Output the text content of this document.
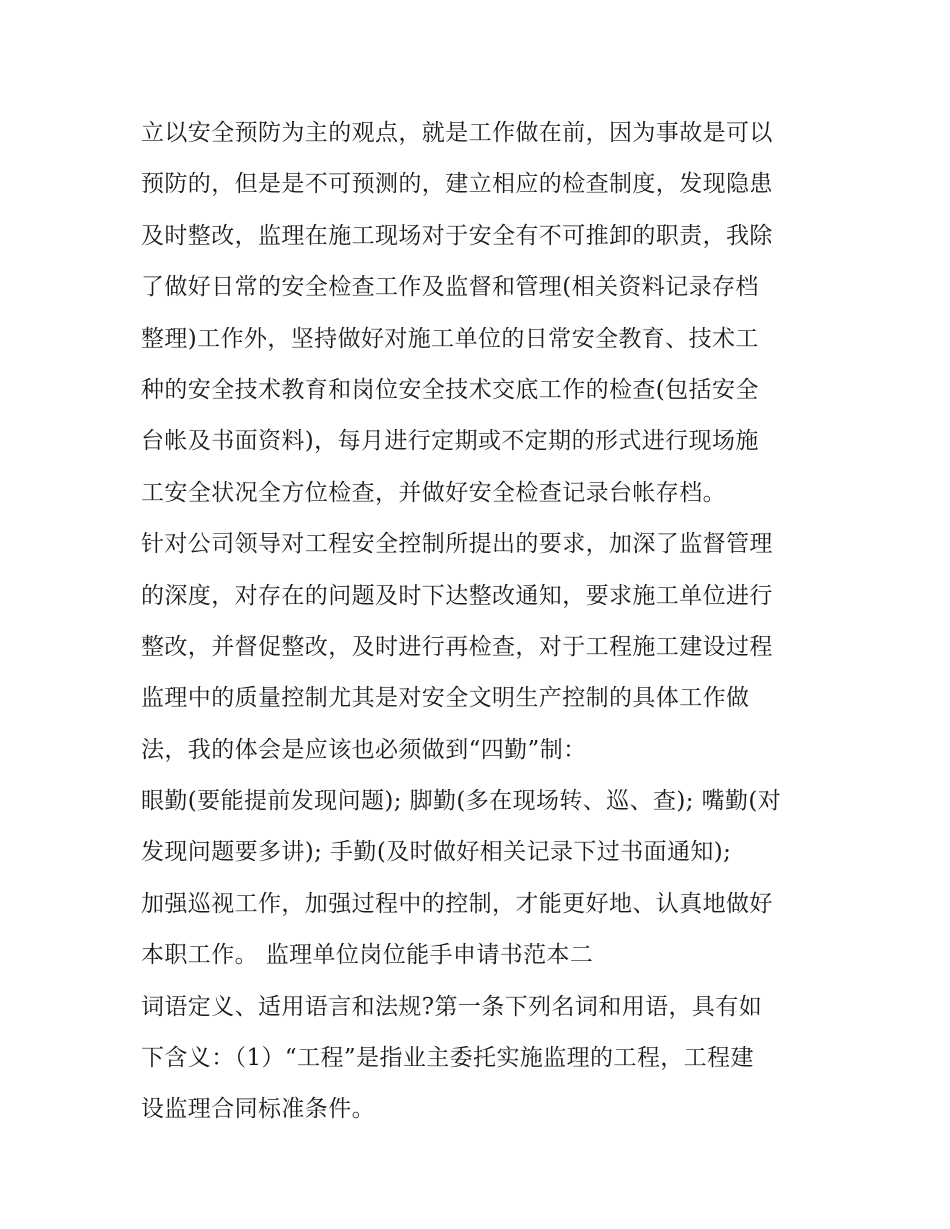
立以安全预防为主的观点，就是工作做在前，因为事故是可以
预防的，但是是不可预测的，建立相应的检查制度，发现隐患
及时整改，监理在施工现场对于安全有不可推卸的职责，我除
了做好日常的安全检查工作及监督和管理(相关资料记录存档
整理)工作外，坚持做好对施工单位的日常安全教育、技术工
种的安全技术教育和岗位安全技术交底工作的检查(包括安全
台帐及书面资料)，每月进行定期或不定期的形式进行现场施
工安全状况全方位检查，并做好安全检查记录台帐存档。
针对公司领导对工程安全控制所提出的要求，加深了监督管理
的深度，对存在的问题及时下达整改通知，要求施工单位进行
整改，并督促整改，及时进行再检查，对于工程施工建设过程
监理中的质量控制尤其是对安全文明生产控制的具体工作做
法，我的体会是应该也必须做到“四勤”制：
眼勤(要能提前发现问题); 脚勤(多在现场转、巡、查); 嘴勤(对
发现问题要多讲); 手勤(及时做好相关记录下过书面通知);
加强巡视工作，加强过程中的控制，才能更好地、认真地做好
本职工作。 监理单位岗位能手申请书范本二
词语定义、适用语言和法规?第一条下列名词和用语，具有如
下含义：（1）“工程”是指业主委托实施监理的工程，工程建
设监理合同标准条件。
